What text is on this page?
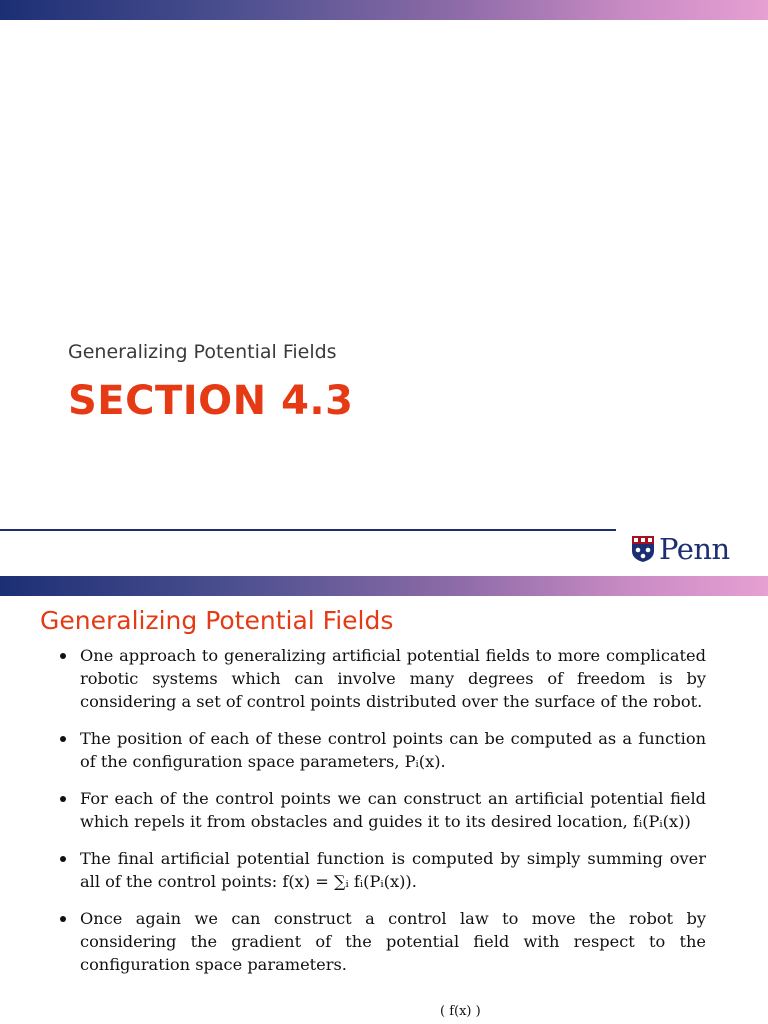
Generalizing Potential Fields
SECTION 4.3
Penn
Generalizing Potential Fields
One approach to generalizing artificial potential fields to more complicated robotic systems which can involve many degrees of freedom is by considering a set of control points distributed over the surface of the robot.
The position of each of these control points can be computed as a function of the configuration space parameters, Pᵢ(x).
For each of the control points we can construct an artificial potential field which repels it from obstacles and guides it to its desired location, fᵢ(Pᵢ(x))
The final artificial potential function is computed by simply summing over all of the control points: f(x) = ∑ᵢ fᵢ(Pᵢ(x)).
Once again we can construct a control law to move the robot by considering the gradient of the potential field with respect to the configuration space parameters.
( f(x) )
